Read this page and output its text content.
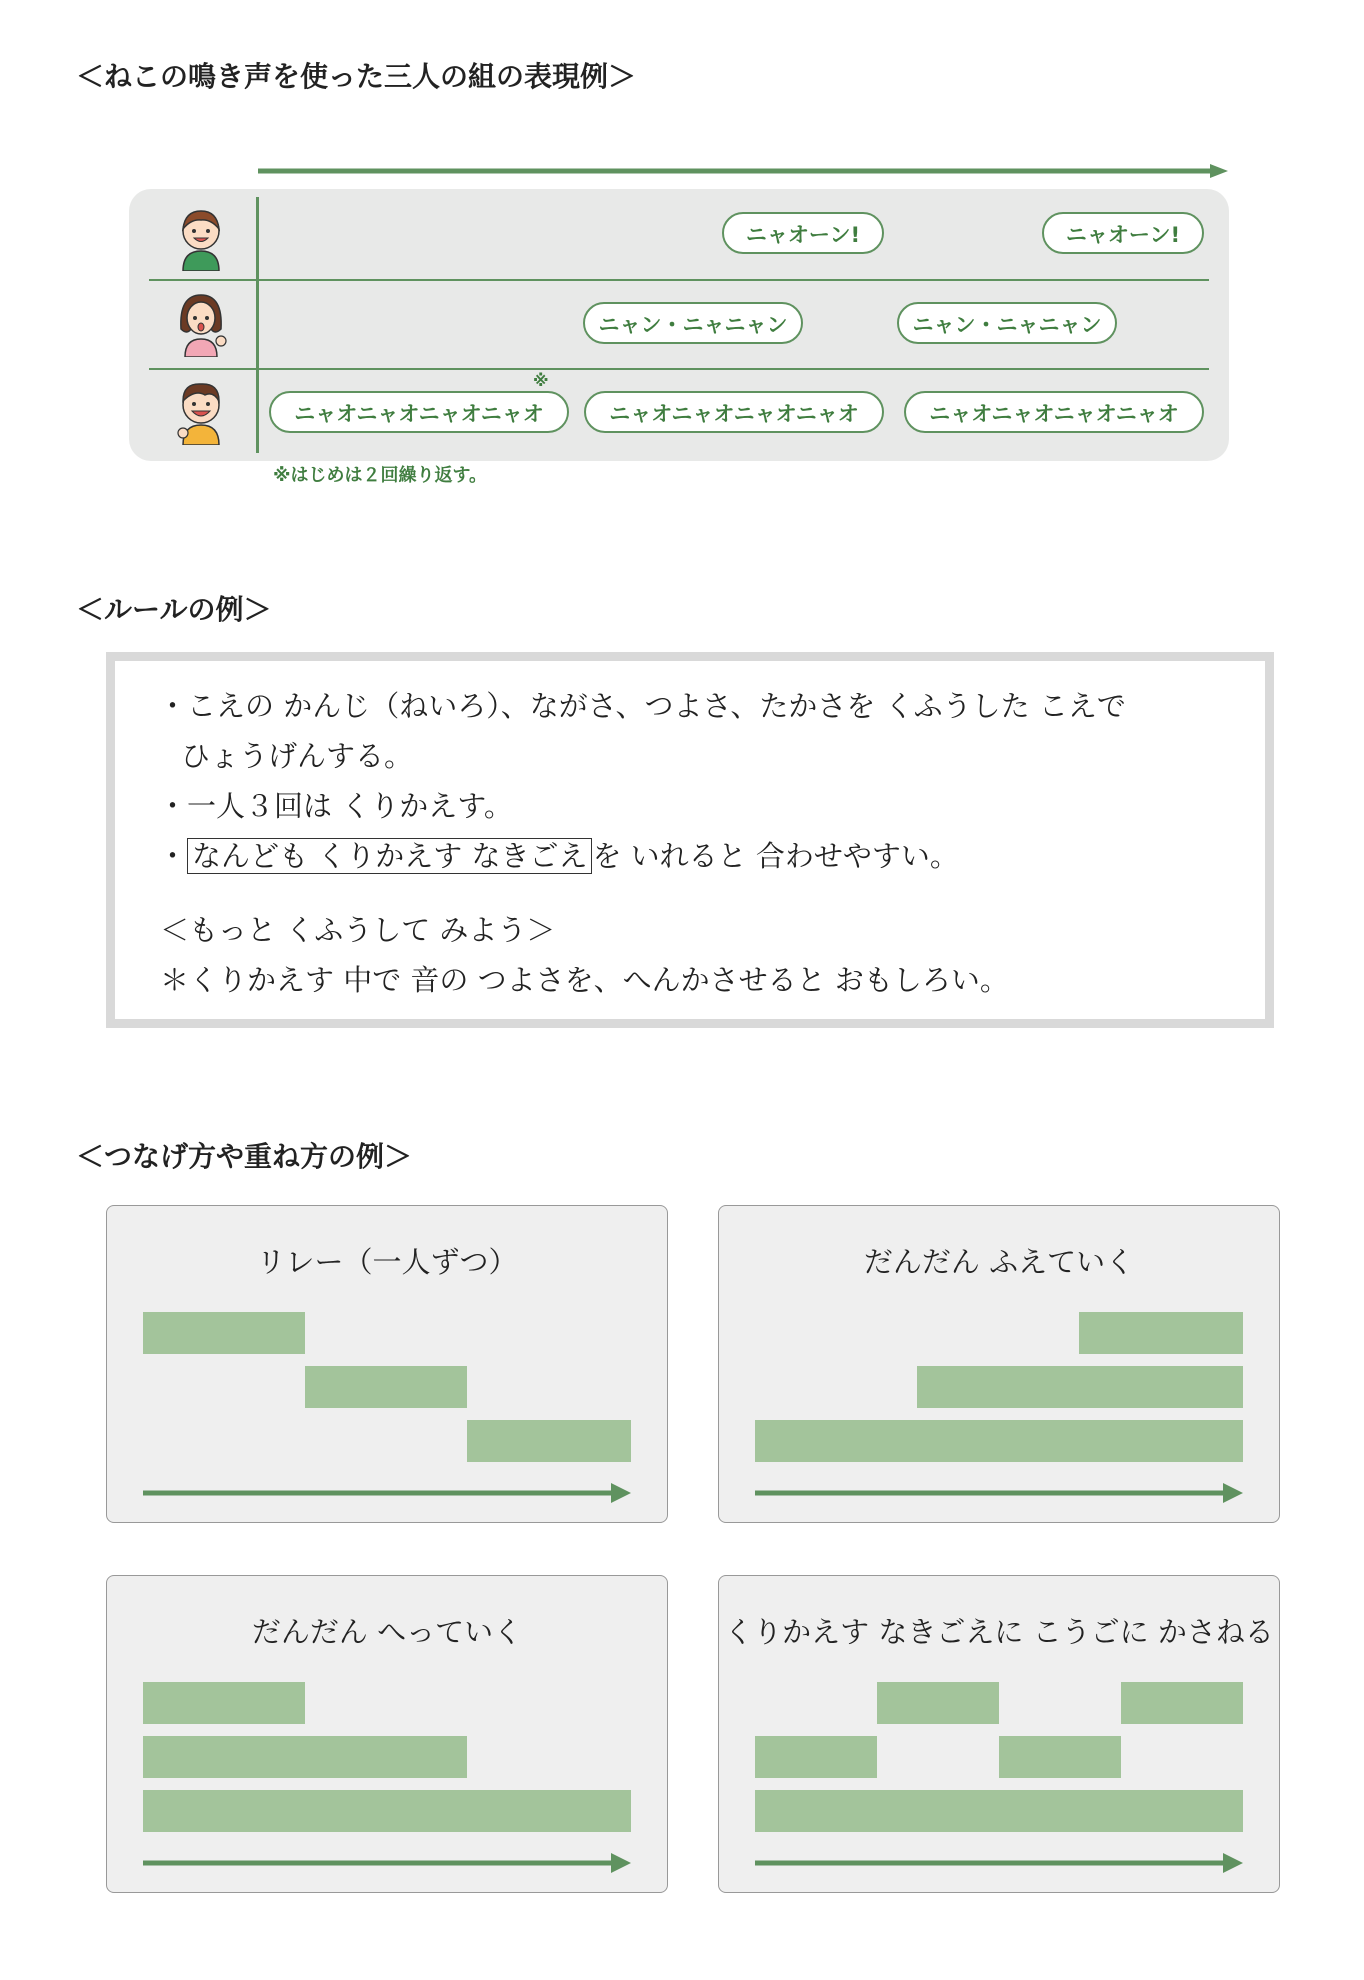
＜ねこの鳴き声を使った三人の組の表現例＞
ニャオーン!	ニャオーン!
ニャン・ニャニャン	ニャン・ニャニャン
ニャオニャオニャオニャオ	ニャオニャオニャオニャオ	ニャオニャオニャオニャオ
※
※はじめは２回繰り返す。
＜ルールの例＞
・こえの かんじ（ねいろ）、ながさ、つよさ、たかさを くふうした こえで
ひょうげんする。
・一人３回は くりかえす。
・ なんども くりかえす なきごえ を いれると 合わせやすい。
＜もっと くふうして みよう＞
＊くりかえす 中で 音の つよさを、へんかさせると おもしろい。
＜つなげ方や重ね方の例＞
リレー（一人ずつ）	だんだん ふえていく
だんだん へっていく	くりかえす なきごえに こうごに かさねる
